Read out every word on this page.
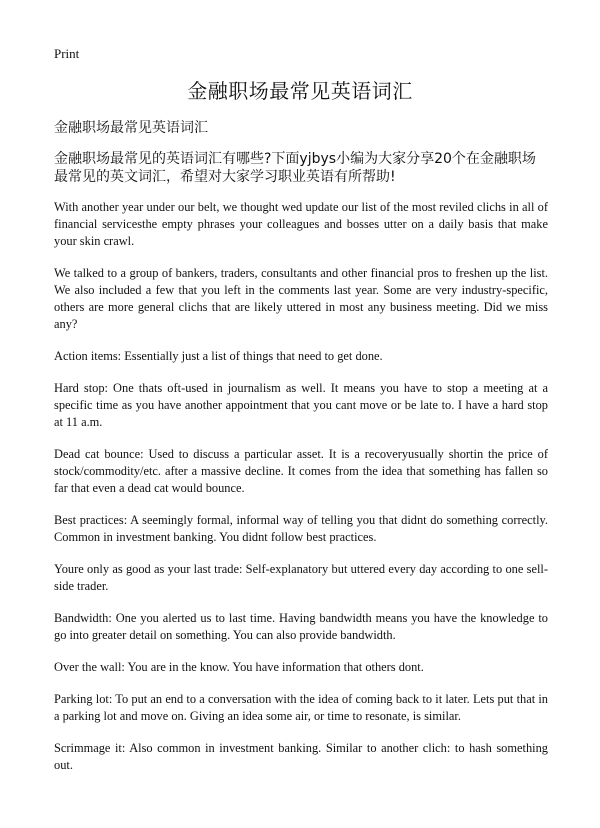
Print
金融职场最常见英语词汇
金融职场最常见英语词汇
金融职场最常见的英语词汇有哪些?下面yjbys小编为大家分享20个在金融职场最常见的英文词汇，希望对大家学习职业英语有所帮助!

With another year under our belt, we thought wed update our list of the most reviled clichs in all of financial servicesthe empty phrases your colleagues and bosses utter on a daily basis that make your skin crawl.

We talked to a group of bankers, traders, consultants and other financial pros to freshen up the list. We also included a few that you left in the comments last year. Some are very industry-specific, others are more general clichs that are likely uttered in most any business meeting. Did we miss any?

Action items: Essentially just a list of things that need to get done.

Hard stop: One thats oft-used in journalism as well. It means you have to stop a meeting at a specific time as you have another appointment that you cant move or be late to. I have a hard stop at 11 a.m.

Dead cat bounce: Used to discuss a particular asset. It is a recoveryusually shortin the price of stock/commodity/etc. after a massive decline. It comes from the idea that something has fallen so far that even a dead cat would bounce.

Best practices: A seemingly formal, informal way of telling you that didnt do something correctly. Common in investment banking. You didnt follow best practices.

Youre only as good as your last trade: Self-explanatory but uttered every day according to one sell-side trader.

Bandwidth: One you alerted us to last time. Having bandwidth means you have the knowledge to go into greater detail on something. You can also provide bandwidth.

Over the wall: You are in the know. You have information that others dont.

Parking lot: To put an end to a conversation with the idea of coming back to it later. Lets put that in a parking lot and move on. Giving an idea some air, or time to resonate, is similar.

Scrimmage it: Also common in investment banking. Similar to another clich: to hash something out.
